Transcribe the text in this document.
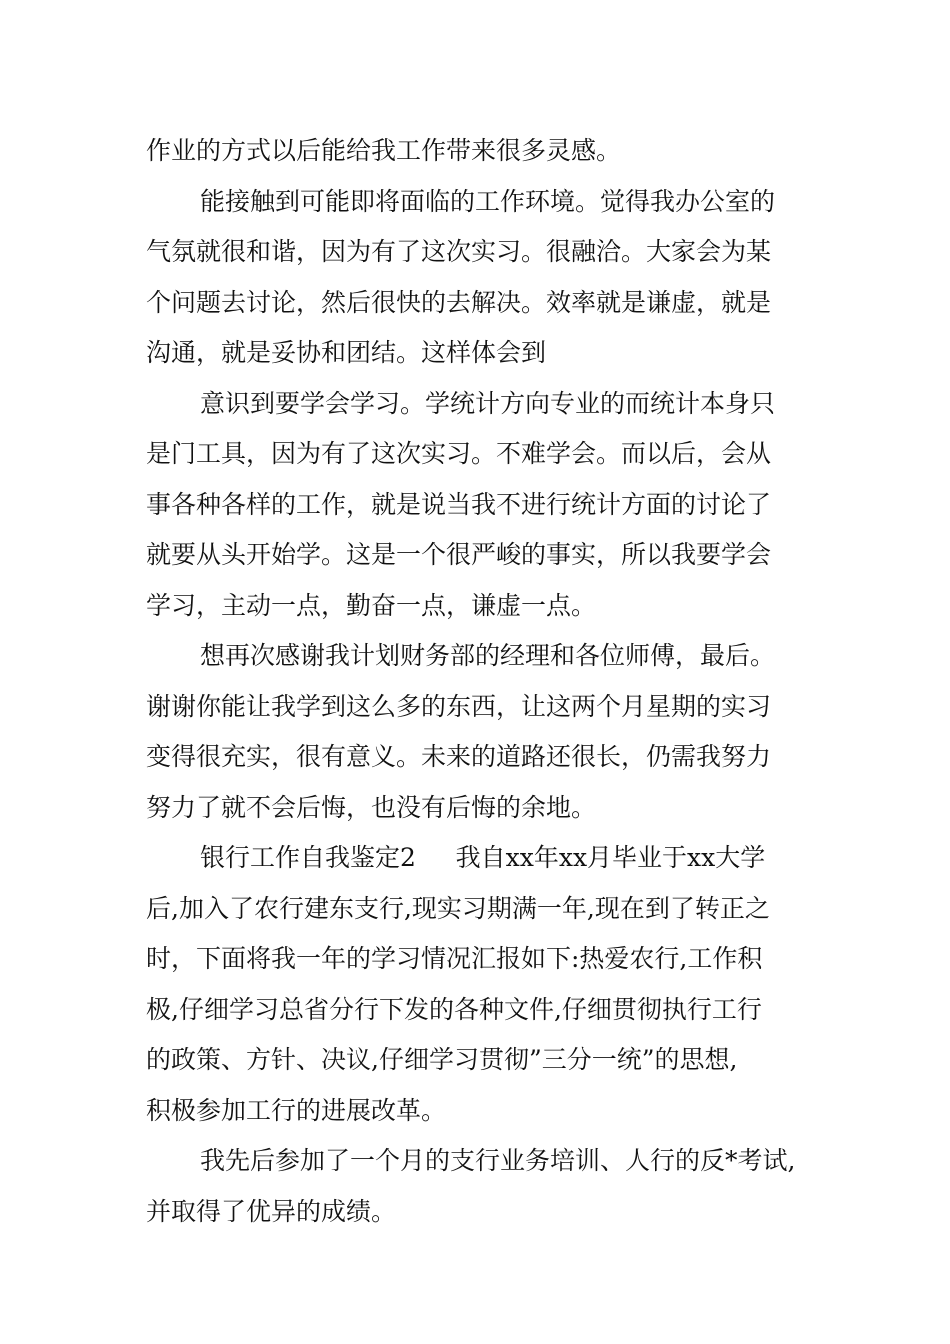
作业的方式以后能给我工作带来很多灵感。
能接触到可能即将面临的工作环境。觉得我办公室的
气氛就很和谐，因为有了这次实习。很融洽。大家会为某
个问题去讨论，然后很快的去解决。效率就是谦虚，就是
沟通，就是妥协和团结。这样体会到
意识到要学会学习。学统计方向专业的而统计本身只
是门工具，因为有了这次实习。不难学会。而以后，会从
事各种各样的工作，就是说当我不进行统计方面的讨论了
就要从头开始学。这是一个很严峻的事实，所以我要学会
学习，主动一点，勤奋一点，谦虚一点。
想再次感谢我计划财务部的经理和各位师傅，最后。
谢谢你能让我学到这么多的东西，让这两个月星期的实习
变得很充实，很有意义。未来的道路还很长，仍需我努力
努力了就不会后悔，也没有后悔的余地。
银行工作自我鉴定2     我自xx年xx月毕业于xx大学
后,加入了农行建东支行,现实习期满一年,现在到了转正之
时，下面将我一年的学习情况汇报如下:热爱农行,工作积
极,仔细学习总省分行下发的各种文件,仔细贯彻执行工行
的政策、方针、决议,仔细学习贯彻”三分一统”的思想,
积极参加工行的进展改革。
我先后参加了一个月的支行业务培训、人行的反*考试,
并取得了优异的成绩。
